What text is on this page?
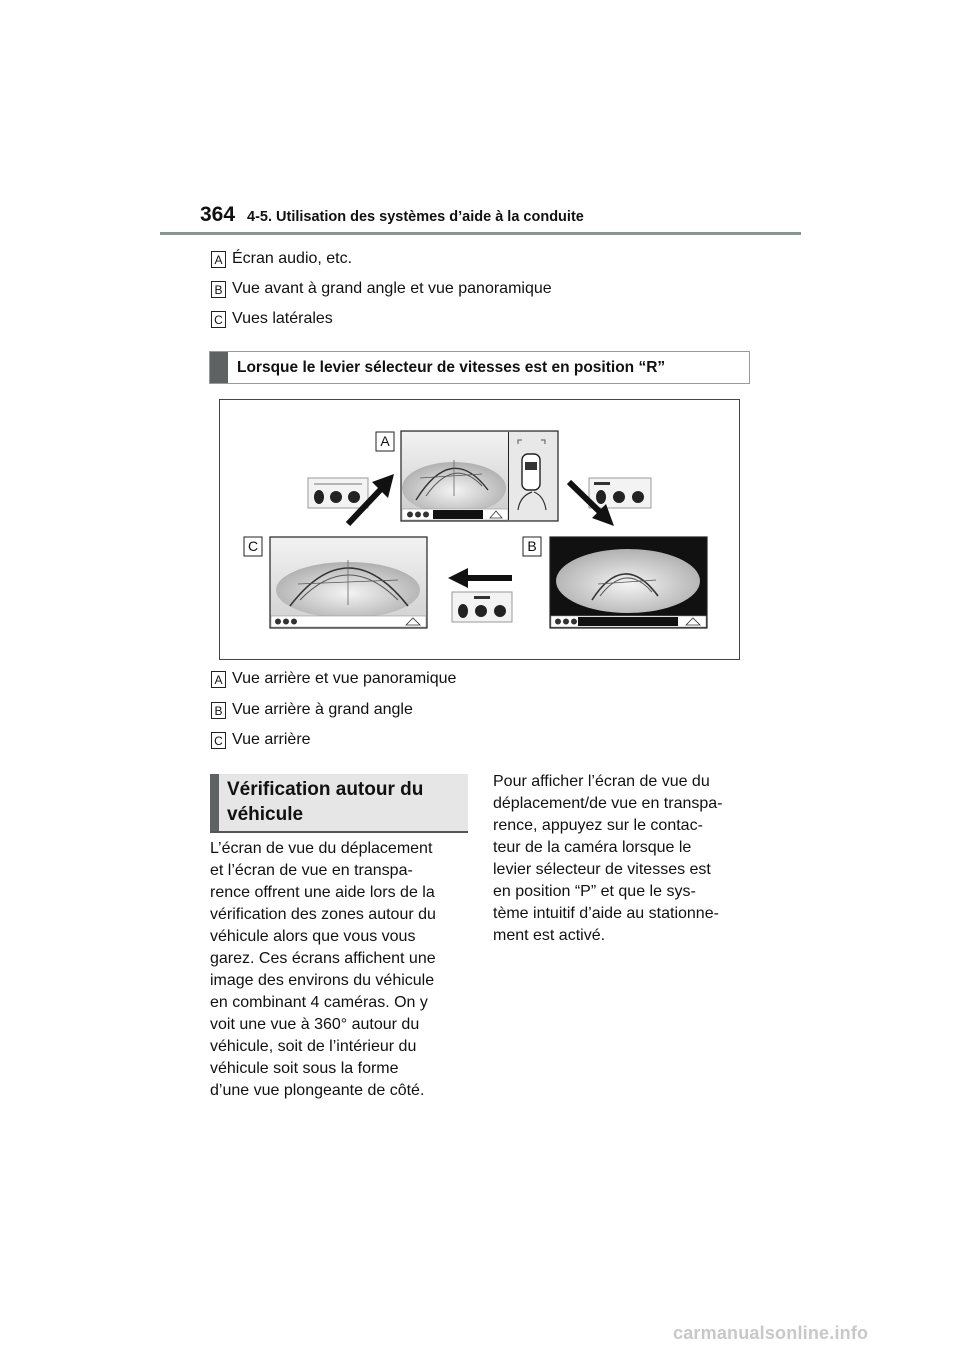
364 4-5. Utilisation des systèmes d’aide à la conduite
A Écran audio, etc.
B Vue avant à grand angle et vue panoramique
C Vues latérales
Lorsque le levier sélecteur de vitesses est en position “R”
A
C	B
A Vue arrière et vue panoramique
B Vue arrière à grand angle
C Vue arrière
Vérification autour du
véhicule
L’écran de vue du déplacement
et l’écran de vue en transpa-
rence offrent une aide lors de la
vérification des zones autour du
véhicule alors que vous vous
garez. Ces écrans affichent une
image des environs du véhicule
en combinant 4 caméras. On y
voit une vue à 360° autour du
véhicule, soit de l’intérieur du
véhicule soit sous la forme
d’une vue plongeante de côté.
Pour afficher l’écran de vue du
déplacement/de vue en transpa-
rence, appuyez sur le contac-
teur de la caméra lorsque le
levier sélecteur de vitesses est
en position “P” et que le sys-
tème intuitif d’aide au stationne-
ment est activé.
carmanualsonline.info
